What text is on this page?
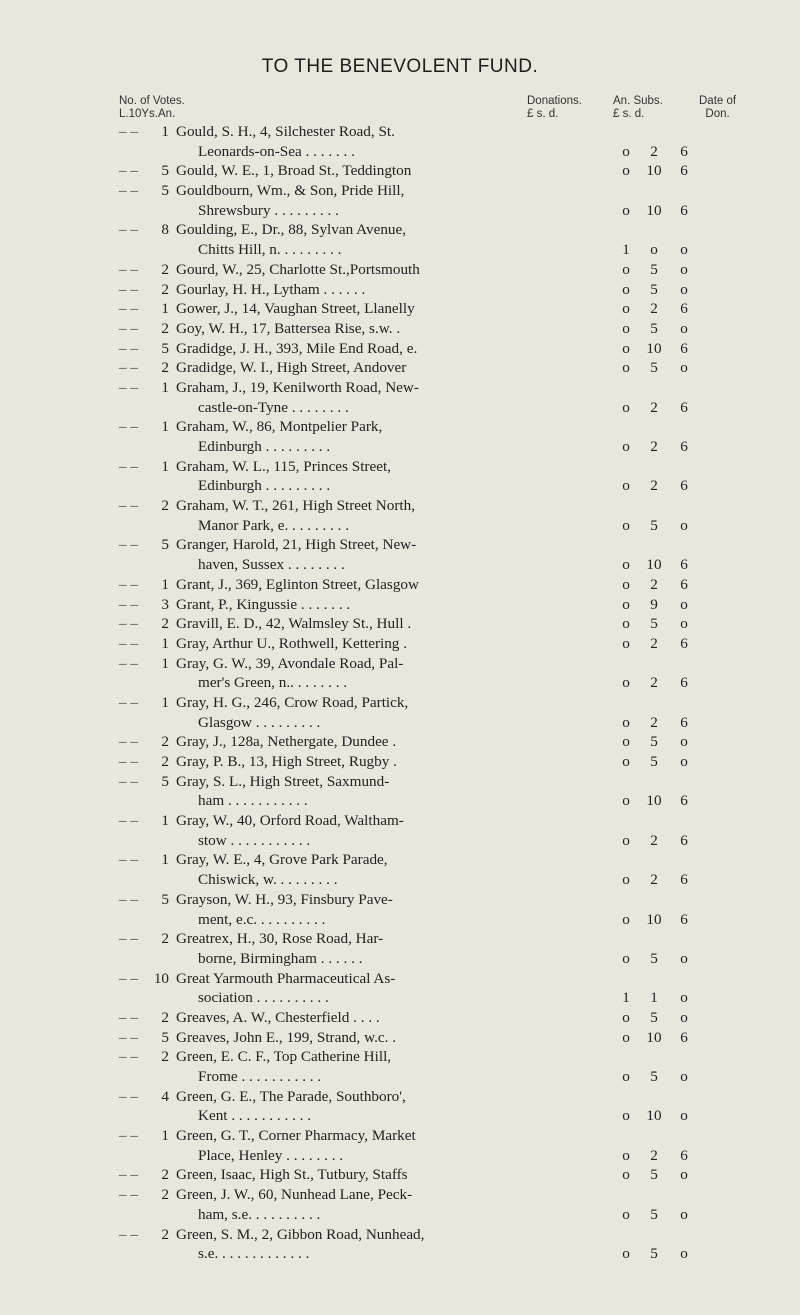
TO THE BENEVOLENT FUND.
No. of Votes.
L.10Ys.An.
Donations.
£ s. d.
An. Subs.
£ s. d.
Date of
Don.
– –	1 Gould, S. H., 4, Silchester Road, St.
Leonards-on-Sea . . . . . . .	o	2	6
– –	5 Gould, W. E., 1, Broad St., Teddington	o	10	6
– –	5 Gouldbourn, Wm., & Son, Pride Hill,
Shrewsbury . . . . . . . . .	o	10	6
– –	8 Goulding, E., Dr., 88, Sylvan Avenue,
Chitts Hill, n. . . . . . . . .	1	o	o
– –	2 Gourd, W., 25, Charlotte St.,Portsmouth	o	5	o
– –	2 Gourlay, H. H., Lytham . . . . . .	o	5	o
– –	1 Gower, J., 14, Vaughan Street, Llanelly	o	2	6
– –	2 Goy, W. H., 17, Battersea Rise, s.w. .	o	5	o
– –	5 Gradidge, J. H., 393, Mile End Road, e.	o	10	6
– –	2 Gradidge, W. I., High Street, Andover	o	5	o
– –	1 Graham, J., 19, Kenilworth Road, New-
castle-on-Tyne . . . . . . . .	o	2	6
– –	1 Graham, W., 86, Montpelier Park,
Edinburgh . . . . . . . . .	o	2	6
– –	1 Graham, W. L., 115, Princes Street,
Edinburgh . . . . . . . . .	o	2	6
– –	2 Graham, W. T., 261, High Street North,
Manor Park, e. . . . . . . . .	o	5	o
– –	5 Granger, Harold, 21, High Street, New-
haven, Sussex . . . . . . . .	o	10	6
– –	1 Grant, J., 369, Eglinton Street, Glasgow	o	2	6
– –	3 Grant, P., Kingussie . . . . . . .	o	9	o
– –	2 Gravill, E. D., 42, Walmsley St., Hull .	o	5	o
– –	1 Gray, Arthur U., Rothwell, Kettering .	o	2	6
– –	1 Gray, G. W., 39, Avondale Road, Pal-
mer's Green, n.. . . . . . . .	o	2	6
– –	1 Gray, H. G., 246, Crow Road, Partick,
Glasgow . . . . . . . . .	o	2	6
– –	2 Gray, J., 128a, Nethergate, Dundee .	o	5	o
– –	2 Gray, P. B., 13, High Street, Rugby .	o	5	o
– –	5 Gray, S. L., High Street, Saxmund-
ham . . . . . . . . . . .	o	10	6
– –	1 Gray, W., 40, Orford Road, Waltham-
stow . . . . . . . . . . .	o	2	6
– –	1 Gray, W. E., 4, Grove Park Parade,
Chiswick, w. . . . . . . . .	o	2	6
– –	5 Grayson, W. H., 93, Finsbury Pave-
ment, e.c. . . . . . . . . .	o	10	6
– –	2 Greatrex, H., 30, Rose Road, Har-
borne, Birmingham . . . . . .	o	5	o
– –	10 Great Yarmouth Pharmaceutical As-
sociation . . . . . . . . . .	1	1	o
– –	2 Greaves, A. W., Chesterfield . . . .	o	5	o
– –	5 Greaves, John E., 199, Strand, w.c. .	o	10	6
– –	2 Green, E. C. F., Top Catherine Hill,
Frome . . . . . . . . . . .	o	5	o
– –	4 Green, G. E., The Parade, Southboro',
Kent . . . . . . . . . . .	o	10	o
– –	1 Green, G. T., Corner Pharmacy, Market
Place, Henley . . . . . . . .	o	2	6
– –	2 Green, Isaac, High St., Tutbury, Staffs	o	5	o
– –	2 Green, J. W., 60, Nunhead Lane, Peck-
ham, s.e. . . . . . . . . .	o	5	o
– –	2 Green, S. M., 2, Gibbon Road, Nunhead,
s.e. . . . . . . . . . . . .	o	5	o
